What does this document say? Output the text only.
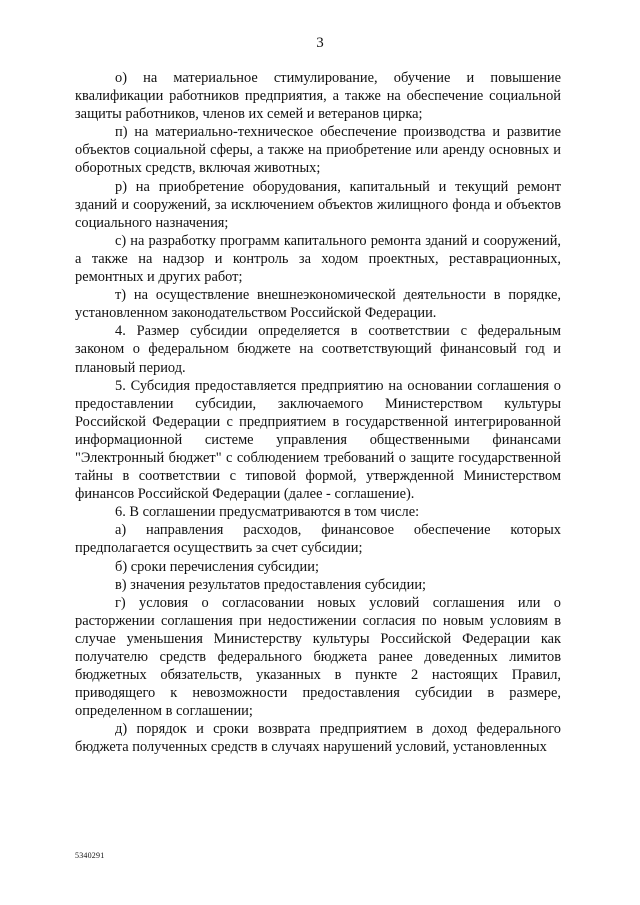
3

о) на материальное стимулирование, обучение и повышение квалификации работников предприятия, а также на обеспечение социальной защиты работников, членов их семей и ветеранов цирка;

п) на материально-техническое обеспечение производства и развитие объектов социальной сферы, а также на приобретение или аренду основных и оборотных средств, включая животных;

р) на приобретение оборудования, капитальный и текущий ремонт зданий и сооружений, за исключением объектов жилищного фонда и объектов социального назначения;

с) на разработку программ капитального ремонта зданий и сооружений, а также на надзор и контроль за ходом проектных, реставрационных, ремонтных и других работ;

т) на осуществление внешнеэкономической деятельности в порядке, установленном законодательством Российской Федерации.

4. Размер субсидии определяется в соответствии с федеральным законом о федеральном бюджете на соответствующий финансовый год и плановый период.

5. Субсидия предоставляется предприятию на основании соглашения о предоставлении субсидии, заключаемого Министерством культуры Российской Федерации с предприятием в государственной интегрированной информационной системе управления общественными финансами "Электронный бюджет" с соблюдением требований о защите государственной тайны в соответствии с типовой формой, утвержденной Министерством финансов Российской Федерации (далее - соглашение).

6. В соглашении предусматриваются в том числе:

а) направления расходов, финансовое обеспечение которых предполагается осуществить за счет субсидии;

б) сроки перечисления субсидии;

в) значения результатов предоставления субсидии;

г) условия о согласовании новых условий соглашения или о расторжении соглашения при недостижении согласия по новым условиям в случае уменьшения Министерству культуры Российской Федерации как получателю средств федерального бюджета ранее доведенных лимитов бюджетных обязательств, указанных в пункте 2 настоящих Правил, приводящего к невозможности предоставления субсидии в размере, определенном в соглашении;

д) порядок и сроки возврата предприятием в доход федерального бюджета полученных средств в случаях нарушений условий, установленных

5340291
